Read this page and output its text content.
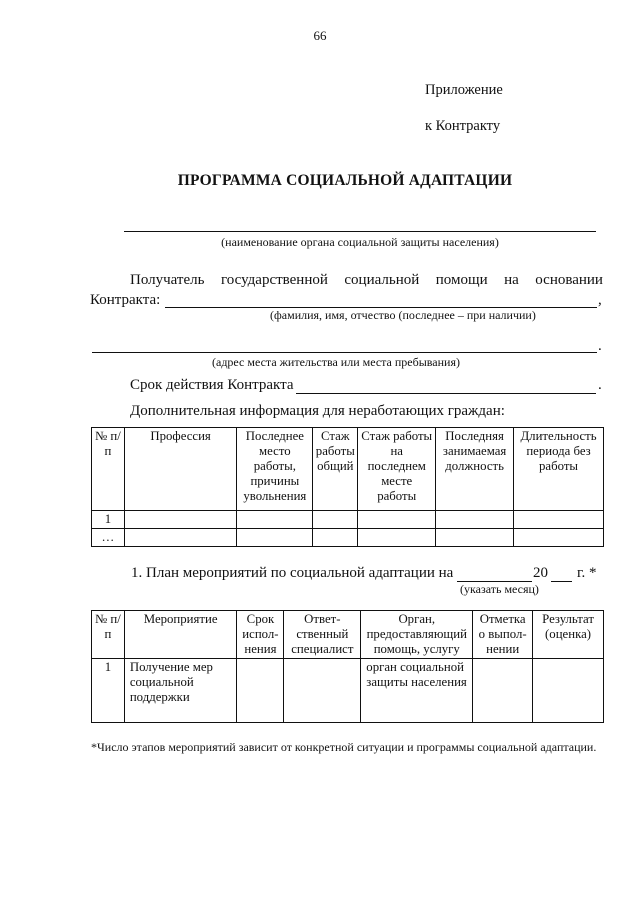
66
Приложение
к Контракту
ПРОГРАММА СОЦИАЛЬНОЙ АДАПТАЦИИ
(наименование органа социальной защиты населения)
Получатель государственной социальной помощи на основании
Контракта:	,
(фамилия, имя, отчество (последнее – при наличии)
.
(адрес места жительства или места пребывания)
Срок действия Контракта	.
Дополнительная информация для неработающих граждан:
№ п/п	Профессия	Последнее место работы, причины увольнения	Стаж работы общий	Стаж работы на последнем месте работы	Последняя занимаемая должность	Длительность периода без работы
1						
…						
1. План мероприятий по социальной адаптации на	20 г. *
(указать месяц)
№ п/п	Мероприятие	Срок испол-нения	Ответ-ственный специалист	Орган, предоставляющий помощь, услугу	Отметка о выпол-нении	Результат (оценка)
1	Получение мер социальной поддержки			орган социальной защиты населения		
*Число этапов мероприятий зависит от конкретной ситуации и программы социальной адаптации.
